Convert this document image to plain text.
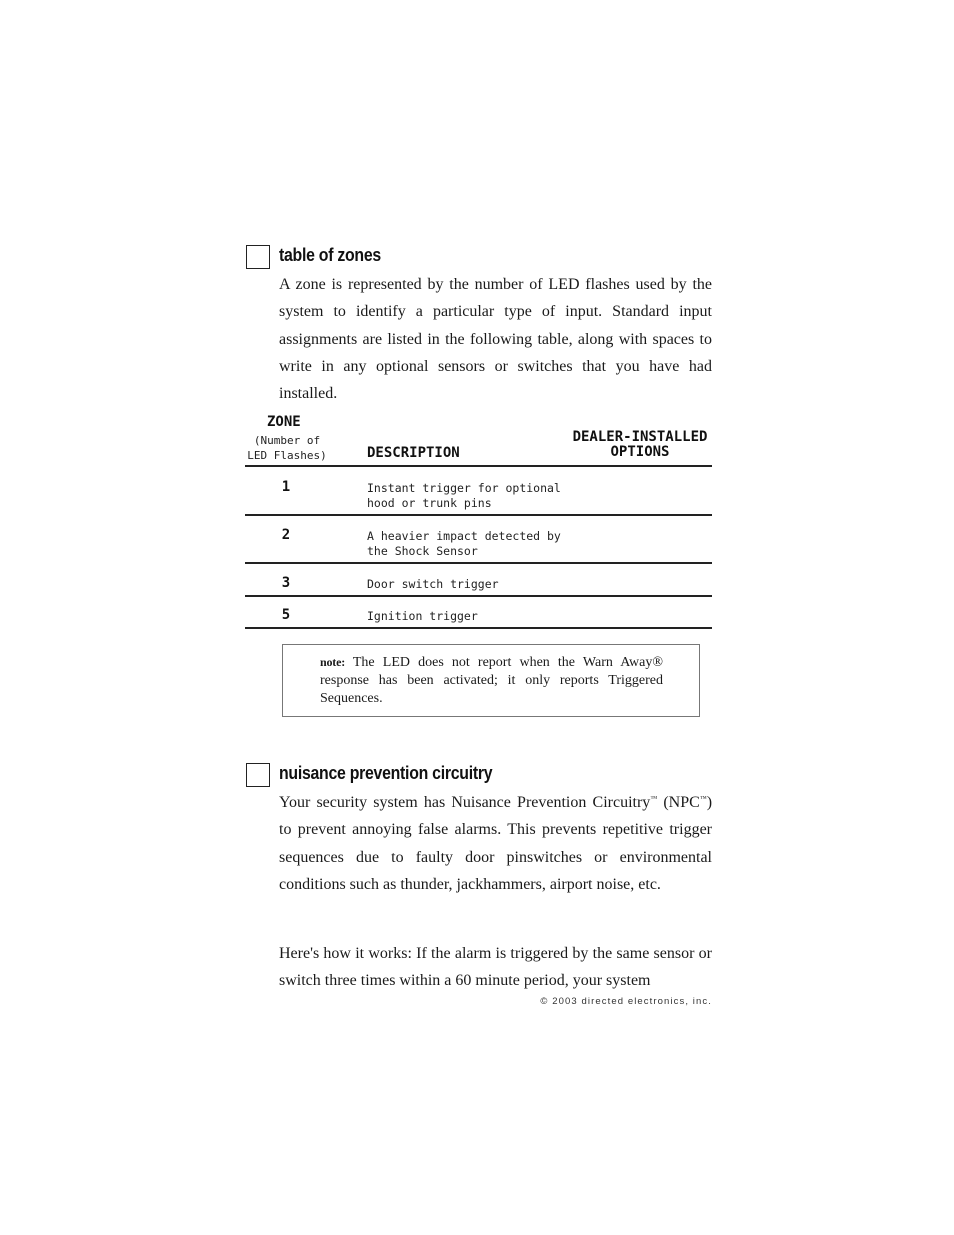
table of zones

A zone is represented by the number of LED flashes used by the system to identify a particular type of input. Standard input assignments are listed in the following table, along with spaces to write in any optional sensors or switches that you have had installed.

ZONE
(Number of
LED Flashes)	DESCRIPTION
DEALER-INSTALLED
OPTIONS
1	Instant trigger for optional
hood or trunk pins
2	A heavier impact detected by
the Shock Sensor
3	Door switch trigger
5	Ignition trigger

note: The LED does not report when the Warn Away® response has been activated; it only reports Triggered Sequences.

nuisance prevention circuitry

Your security system has Nuisance Prevention Circuitry™ (NPC™) to prevent annoying false alarms. This prevents repetitive trigger sequences due to faulty door pinswitches or environmental conditions such as thunder, jackhammers, airport noise, etc.

Here's how it works: If the alarm is triggered by the same sensor or switch three times within a 60 minute period, your system

© 2003 directed electronics, inc.
